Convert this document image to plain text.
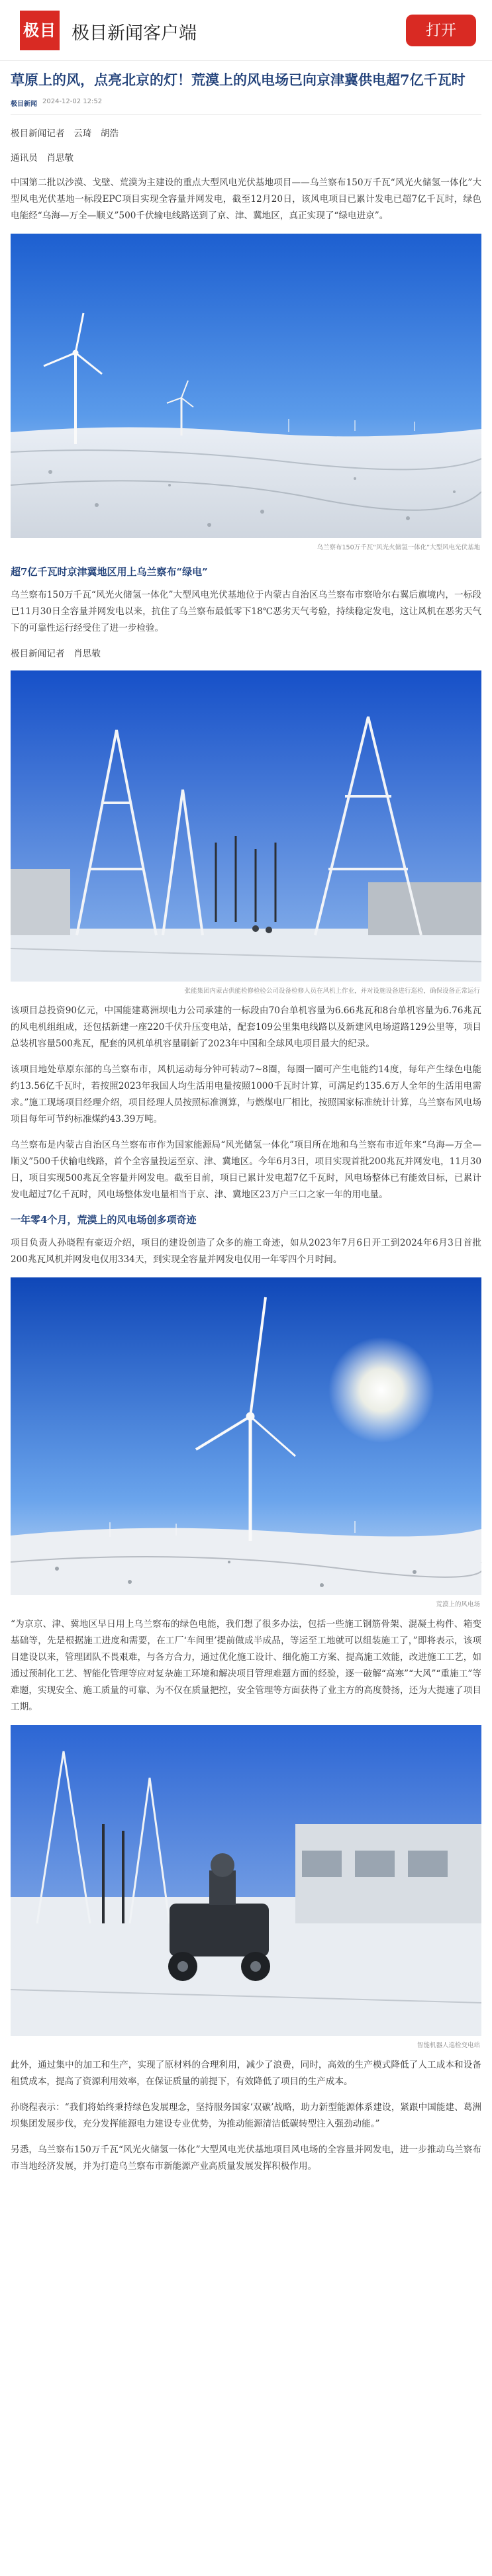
极目 极目新闻客户端	打开
草原上的风，点亮北京的灯！荒漠上的风电场已向京津冀供电超7亿千瓦时
极目新闻 2024-12-02 12:52

极目新闻记者　云琦　胡浩

通讯员　肖思敬

中国第二批以沙漠、戈壁、荒漠为主建设的重点大型风电光伏基地项目——乌兰察布150万千瓦“风光火储氢一体化”大型风电光伏基地一标段EPC项目实现全容量并网发电，截至12月20日，该风电项目已累计发电已超7亿千瓦时，绿色电能经“乌海—万全—顺义”500千伏输电线路送到了京、津、冀地区，真正实现了“绿电进京”。

乌兰察布150万千瓦“风光火储氢一体化”大型风电光伏基地
超7亿千瓦时京津冀地区用上乌兰察布“绿电”

乌兰察布150万千瓦“风光火储氢一体化”大型风电光伏基地位于内蒙古自治区乌兰察布市察哈尔右翼后旗境内，一标段已11月30日全容量并网发电以来，抗住了乌兰察布最低零下18℃恶劣天气考验，持续稳定发电，这让风机在恶劣天气下的可靠性运行经受住了进一步检验。

极目新闻记者　肖思敬

张能集团内蒙古供能检修检验公司设备检修人员在风机上作业，并对设施设备进行巡检，确保设备正常运行

该项目总投资90亿元，中国能建葛洲坝电力公司承建的一标段由70台单机容量为6.66兆瓦和8台单机容量为6.76兆瓦的风电机组组成，还包括新建一座220千伏升压变电站，配套109公里集电线路以及新建风电场道路129公里等，项目总装机容量500兆瓦，配套的风机单机容量刷新了2023年中国和全球风电项目最大的纪录。

该项目地处草原东部的乌兰察布市，风机运动每分钟可转动7~8圈，每圈一圈可产生电能约14度，每年产生绿色电能约13.56亿千瓦时，若按照2023年我国人均生活用电量按照1000千瓦时计算，可满足约135.6万人全年的生活用电需求。”施工现场项目经理介绍，项目经理人员按照标准测算，与燃煤电厂相比，按照国家标准统计计算，乌兰察布风电场项目每年可节约标准煤约43.39万吨。

乌兰察布是内蒙古自治区乌兰察布市作为国家能源局“风光储氢一体化”项目所在地和乌兰察布市近年来“乌海—万全—顺义”500千伏输电线路，首个全容量投运至京、津、冀地区。今年6月3日，项目实现首批200兆瓦并网发电，11月30日，项目实现500兆瓦全容量并网发电。截至目前，项目已累计发电超7亿千瓦时，风电场整体已有能效目标，已累计发电超过7亿千瓦时，风电场整体发电量相当于京、津、冀地区23万户三口之家一年的用电量。

一年零4个月，荒漠上的风电场创多项奇迹

项目负责人孙晓程有豪迈介绍，项目的建设创造了众多的施工奇迹，如从2023年7月6日开工到2024年6月3日首批200兆瓦风机并网发电仅用334天，到实现全容量并网发电仅用一年零四个月时间。

荒漠上的风电场

“为京京、津、冀地区早日用上乌兰察布的绿色电能，我们想了很多办法，包括一些施工钢筋骨架、混凝土构件、箱变基础等，先是根据施工进度和需要，在工厂‘车间里’提前做成半成品，等运至工地就可以组装施工了，”即将表示，该项目建设以来，管理团队不畏艰难，与各方合力，通过优化施工设计、细化施工方案、提高施工效能，改进施工工艺，如通过预制化工艺、智能化管理等应对复杂施工环境和解决项目管理难题方面的经验，逐一破解“高寒”“大风”“重施工”等难题，实现安全、施工质量的可靠、为不仅在质量把控，安全管理等方面获得了业主方的高度赞扬，还为大提速了项目工期。

智能机器人巡检变电站

此外，通过集中的加工和生产，实现了原材料的合理利用，减少了浪费，同时，高效的生产模式降低了人工成本和设备租赁成本，提高了资源利用效率，在保证质量的前提下，有效降低了项目的生产成本。

孙晓程表示：“我们将始终秉持绿色发展理念，坚持服务国家‘双碳’战略，助力新型能源体系建设，紧跟中国能建、葛洲坝集团发展步伐，充分发挥能源电力建设专业优势，为推动能源清洁低碳转型注入强劲动能。”

另悉，乌兰察布150万千瓦“风光火储氢一体化”大型风电光伏基地项目风电场的全容量并网发电，进一步推动乌兰察布市当地经济发展，并为打造乌兰察布市新能源产业高质量发展发挥积极作用。
